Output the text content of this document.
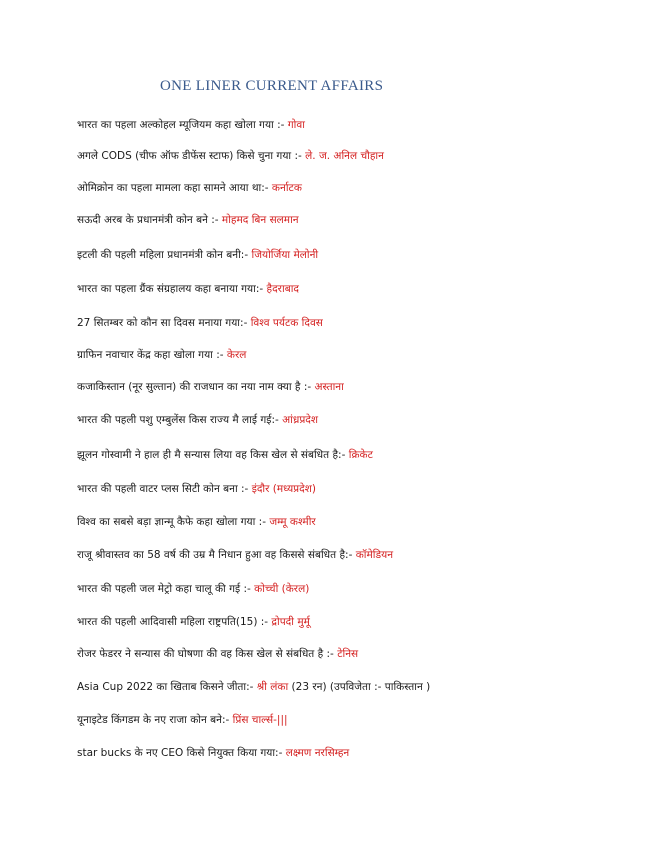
ONE LINER CURRENT AFFAIRS
भारत का पहला अल्कोहल म्यूजियम कहा खोला गया :- गोवा
अगले CODS (चीफ ऑफ डीफेंस स्टाफ) किसे चुना गया :- ले. ज. अनिल चौहान
ओमिक्रोन का पहला मामला कहा सामने आया था:- कर्नाटक
सऊदी अरब के प्रधानमंत्री कोन बने :- मोहमद बिन सलमान
इटली की पहली महिला प्रधानमंत्री कोन बनी:- जियोर्जिया मेलोनी
भारत का पहला ग्रैंक संग्रहालय कहा बनाया गया:- हैदराबाद
27 सितम्बर को कौन सा दिवस मनाया गया:- विश्व पर्यटक दिवस
ग्राफिन नवाचार केंद्र कहा खोला गया :- केरल
कजाकिस्तान (नूर सुल्तान) की राजधान का नया नाम क्या है :- अस्ताना
भारत की पहली पशु एम्बुलेंस किस राज्य मै लाई गई:- आंध्रप्रदेश
झूलन गोस्वामी ने हाल ही मै सन्यास लिया वह किस खेल से संबधित है:- क्रिकेट
भारत की पहली वाटर प्लस सिटी कोन बना :- इंदौर (मध्यप्रदेश)
विश्व का सबसे बड़ा ज्ञान्मू कैफे कहा खोला गया :- जम्मू कश्मीर
राजू श्रीवास्तव का 58 वर्ष की उम्र मै निधान हुआ वह किससे संबधित है:- कॉमेडियन
भारत की पहली जल मेट्रो कहा चालू की गई :- कोच्ची (केरल)
भारत की पहली आदिवासी महिला राष्ट्रपति(15) :- द्रोपदी मुर्मू
रोजर फेडरर ने सन्यास की घोषणा की वह किस खेल से संबधित है :- टेनिस
Asia Cup 2022 का खिताब किसने जीता:- श्री लंका (23 रन) (उपविजेता :- पाकिस्तान )
यूनाइटेड किंगडम के नए राजा कोन बने:- प्रिंस चार्ल्स-|||
star bucks के नए CEO किसे नियुक्त किया गया:- लक्ष्मण नरसिम्हन
